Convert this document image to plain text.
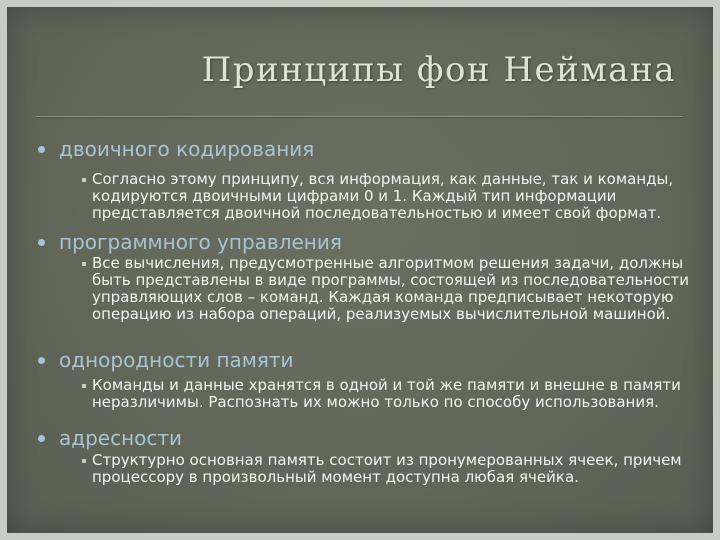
Принципы фон Неймана
двоичного кодирования
Согласно этому принципу, вся информация, как данные, так и команды, кодируются двоичными цифрами 0 и 1. Каждый тип информации представляется двоичной последовательностью и имеет свой формат.
программного управления
Все вычисления, предусмотренные алгоритмом решения задачи, должны быть представлены в виде программы, состоящей из последовательности управляющих слов – команд. Каждая команда предписывает некоторую операцию из набора операций, реализуемых вычислительной машиной.
однородности памяти
Команды и данные хранятся в одной и той же памяти и внешне в памяти неразличимы. Распознать их можно только по способу использования.
адресности
Структурно основная память состоит из пронумерованных ячеек, причем процессору в произвольный момент доступна любая ячейка.
